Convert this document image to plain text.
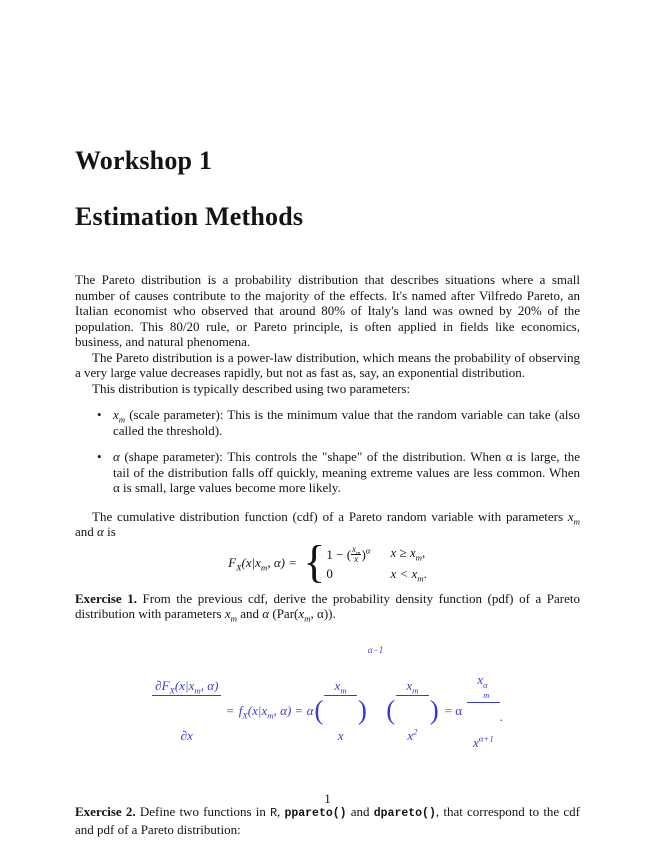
Workshop 1
Estimation Methods

The Pareto distribution is a probability distribution that describes situations where a small number of causes contribute to the majority of the effects. It's named after Vilfredo Pareto, an Italian economist who observed that around 80% of Italy's land was owned by 20% of the population. This 80/20 rule, or Pareto principle, is often applied in fields like economics, business, and natural phenomena.

The Pareto distribution is a power-law distribution, which means the probability of observing a very large value decreases rapidly, but not as fast as, say, an exponential distribution.

This distribution is typically described using two parameters:

• $x_m$ (scale parameter): This is the minimum value that the random variable can take (also called the threshold).
• α (shape parameter): This controls the "shape" of the distribution. When α is large, the tail of the distribution falls off quickly, meaning extreme values are less common. When α is small, large values become more likely.

The cumulative distribution function (cdf) of a Pareto random variable with parameters $x_m$ and α is

$F_X(x|x_m$, α) = { 1 − ( $\frac{x_m}{x} )^\alpha$ $x \ge x_m$,
0	$x < x_m$.

Exercise 1. From the previous cdf, derive the probability density function (pdf) of a Pareto distribution with parameters $x_m$ and α ($Par(x_m$, α)).

$\frac{\partial F_X(x|x_m, \alpha)}{\partial x}$

= $f_X(x|x_m$, α) = α (

$\frac{x_m}{x}$

)
α−1
(

$\frac{x_m}{x^2}$

) = α

x α
m

$x^{\alpha+1}$

.

Exercise 2. Define two functions in R, ppareto() and dpareto(), that correspond to the cdf and pdf of a Pareto distribution:

1
